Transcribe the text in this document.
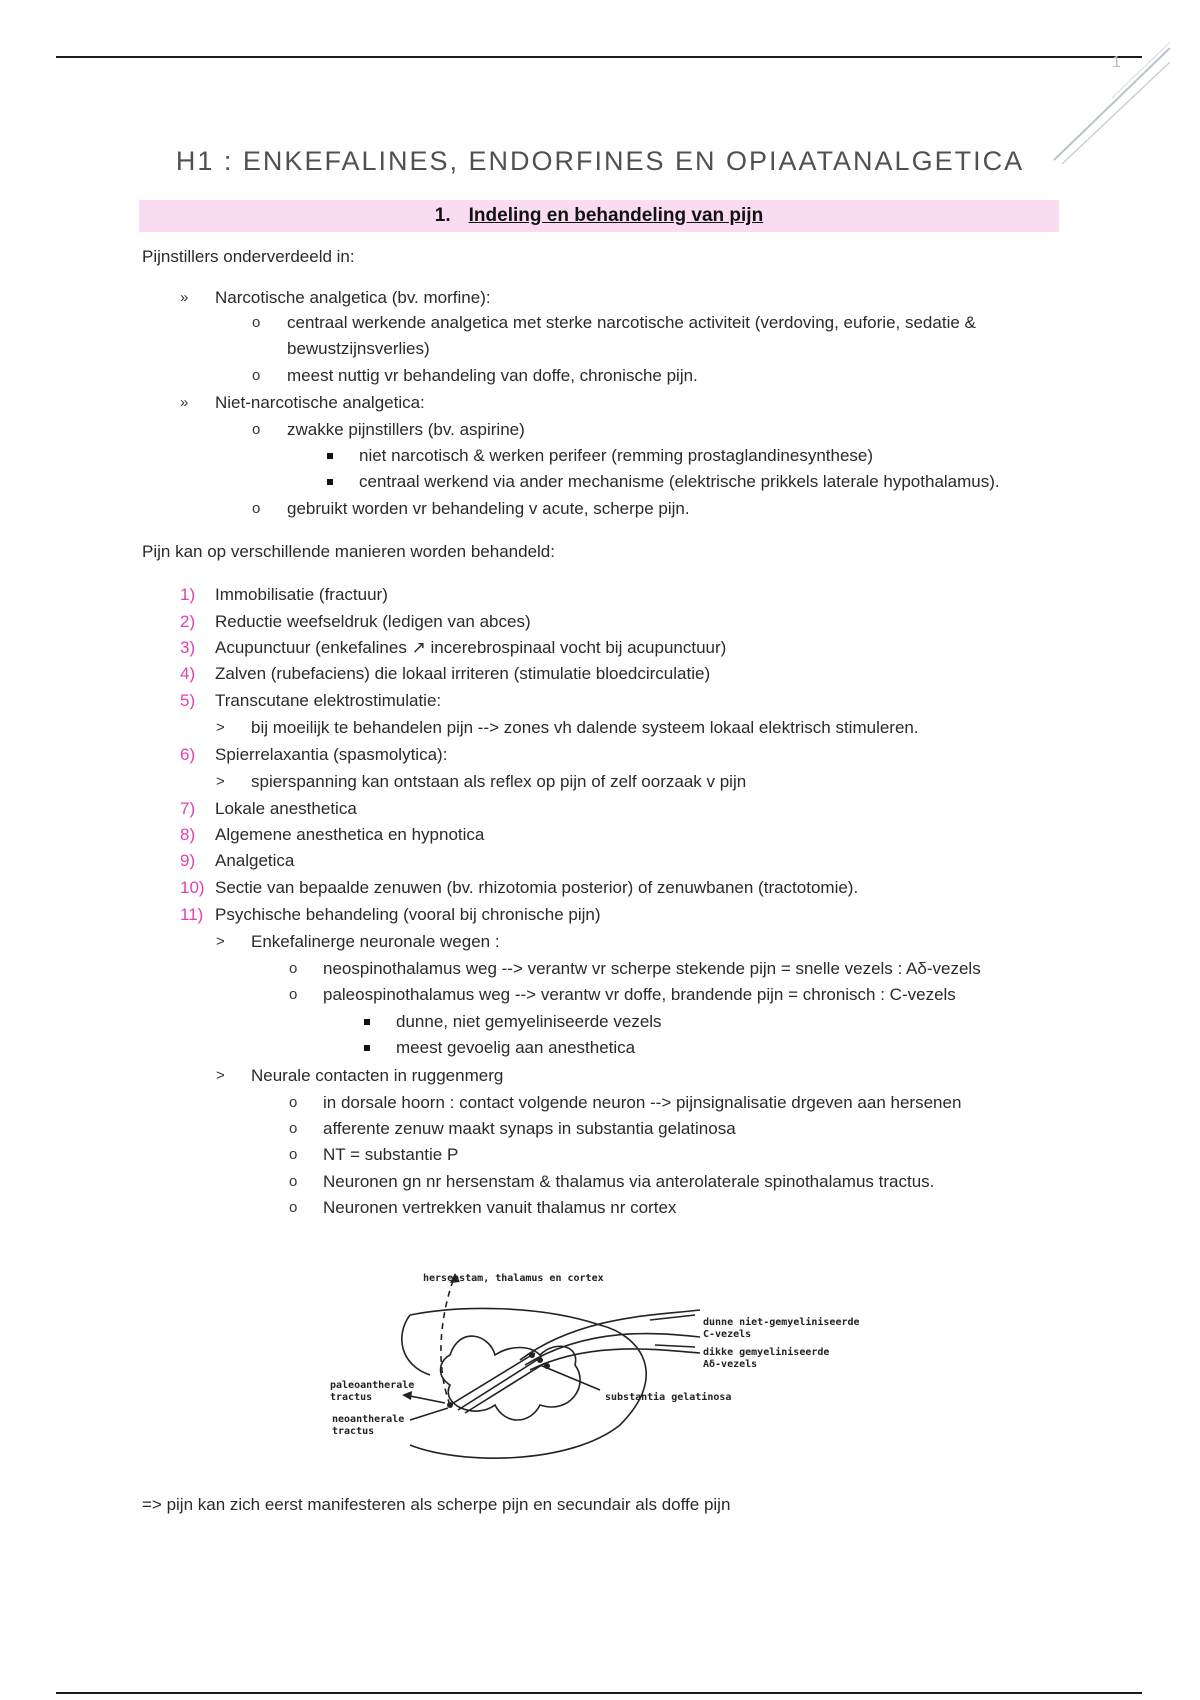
1
H1 : ENKEFALINES, ENDORFINES EN OPIAATANALGETICA
1. Indeling en behandeling van pijn
Pijnstillers onderverdeeld in:
» Narcotische analgetica (bv. morfine):
o centraal werkende analgetica met sterke narcotische activiteit (verdoving, euforie, sedatie &
bewustzijnsverlies)
o meest nuttig vr behandeling van doffe, chronische pijn.
» Niet-narcotische analgetica:
o zwakke pijnstillers (bv. aspirine)
niet narcotisch & werken perifeer (remming prostaglandinesynthese)
centraal werkend via ander mechanisme (elektrische prikkels laterale hypothalamus).
o gebruikt worden vr behandeling v acute, scherpe pijn.
Pijn kan op verschillende manieren worden behandeld:
1) Immobilisatie (fractuur)
2) Reductie weefseldruk (ledigen van abces)
3) Acupunctuur (enkefalines ↗ incerebrospinaal vocht bij acupunctuur)
4) Zalven (rubefaciens) die lokaal irriteren (stimulatie bloedcirculatie)
5) Transcutane elektrostimulatie:
> bij moeilijk te behandelen pijn --> zones vh dalende systeem lokaal elektrisch stimuleren.
6) Spierrelaxantia (spasmolytica):
> spierspanning kan ontstaan als reflex op pijn of zelf oorzaak v pijn
7) Lokale anesthetica
8) Algemene anesthetica en hypnotica
9) Analgetica
10) Sectie van bepaalde zenuwen (bv. rhizotomia posterior) of zenuwbanen (tractotomie).
11) Psychische behandeling (vooral bij chronische pijn)
> Enkefalinerge neuronale wegen :
o neospinothalamus weg --> verantw vr scherpe stekende pijn = snelle vezels : Aδ-vezels
o paleospinothalamus weg --> verantw vr doffe, brandende pijn = chronisch : C-vezels
dunne, niet gemyeliniseerde vezels
meest gevoelig aan anesthetica
> Neurale contacten in ruggenmerg
o in dorsale hoorn : contact volgende neuron --> pijnsignalisatie drgeven aan hersenen
o afferente zenuw maakt synaps in substantia gelatinosa
o NT = substantie P
o Neuronen gn nr hersenstam & thalamus via anterolaterale spinothalamus tractus.
o Neuronen vertrekken vanuit thalamus nr cortex
hersenstam, thalamus en cortex
dunne niet-gemyeliniseerde
C-vezels
dikke gemyeliniseerde
Aδ-vezels
substantia gelatinosa
paleoantherale
tractus
neoantherale
tractus
=> pijn kan zich eerst manifesteren als scherpe pijn en secundair als doffe pijn
